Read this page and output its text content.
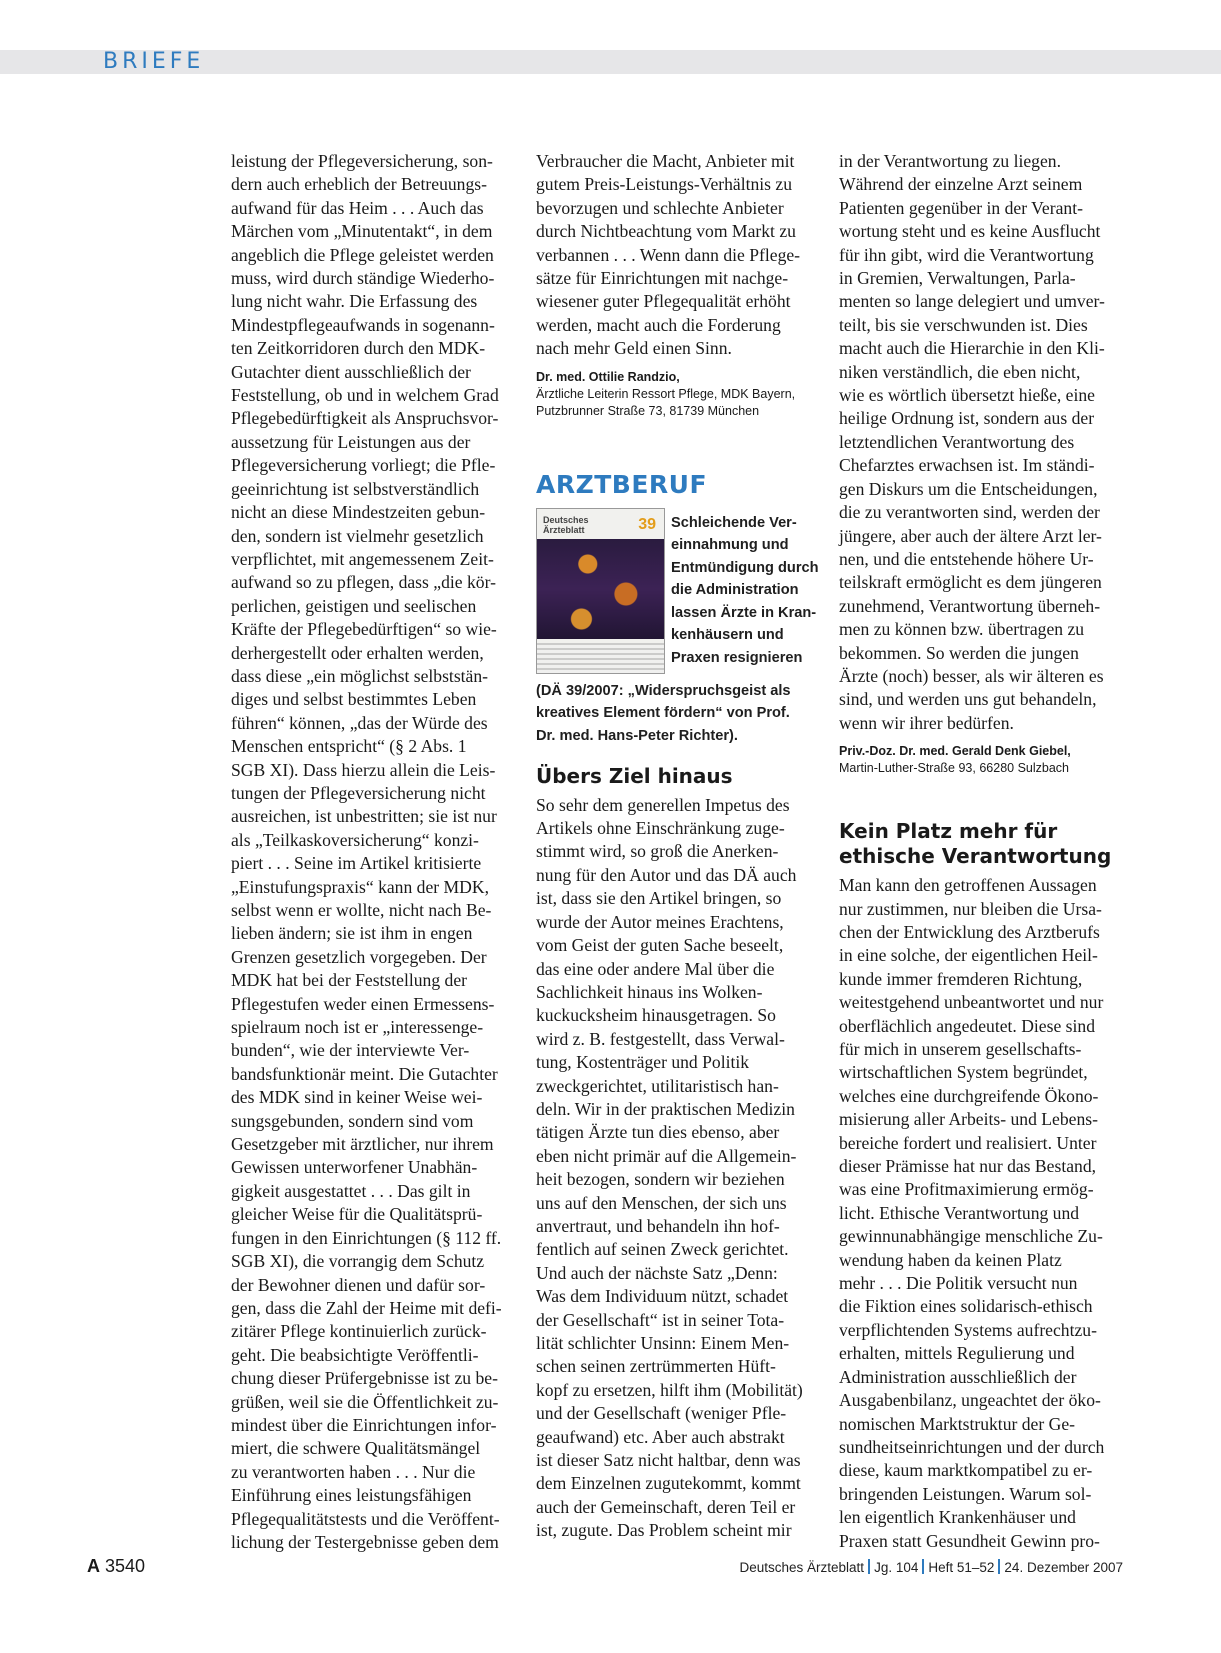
BRIEFE

leistung der Pflegeversicherung, son-
dern auch erheblich der Betreuungs-
aufwand für das Heim . . . Auch das
Märchen vom „Minutentakt“, in dem
angeblich die Pflege geleistet werden
muss, wird durch ständige Wiederho-
lung nicht wahr. Die Erfassung des
Mindestpflegeaufwands in sogenann-
ten Zeitkorridoren durch den MDK-
Gutachter dient ausschließlich der
Feststellung, ob und in welchem Grad
Pflegebedürftigkeit als Anspruchsvor-
aussetzung für Leistungen aus der
Pflegeversicherung vorliegt; die Pfle-
geeinrichtung ist selbstverständlich
nicht an diese Mindestzeiten gebun-
den, sondern ist vielmehr gesetzlich
verpflichtet, mit angemessenem Zeit-
aufwand so zu pflegen, dass „die kör-
perlichen, geistigen und seelischen
Kräfte der Pflegebedürftigen“ so wie-
derhergestellt oder erhalten werden,
dass diese „ein möglichst selbststän-
diges und selbst bestimmtes Leben
führen“ können, „das der Würde des
Menschen entspricht“ (§ 2 Abs. 1
SGB XI). Dass hierzu allein die Leis-
tungen der Pflegeversicherung nicht
ausreichen, ist unbestritten; sie ist nur
als „Teilkaskoversicherung“ konzi-
piert . . . Seine im Artikel kritisierte
„Einstufungspraxis“ kann der MDK,
selbst wenn er wollte, nicht nach Be-
lieben ändern; sie ist ihm in engen
Grenzen gesetzlich vorgegeben. Der
MDK hat bei der Feststellung der
Pflegestufen weder einen Ermessens-
spielraum noch ist er „interessenge-
bunden“, wie der interviewte Ver-
bandsfunktionär meint. Die Gutachter
des MDK sind in keiner Weise wei-
sungsgebunden, sondern sind vom
Gesetzgeber mit ärztlicher, nur ihrem
Gewissen unterworfener Unabhän-
gigkeit ausgestattet . . . Das gilt in
gleicher Weise für die Qualitätsprü-
fungen in den Einrichtungen (§ 112 ff.
SGB XI), die vorrangig dem Schutz
der Bewohner dienen und dafür sor-
gen, dass die Zahl der Heime mit defi-
zitärer Pflege kontinuierlich zurück-
geht. Die beabsichtigte Veröffentli-
chung dieser Prüfergebnisse ist zu be-
grüßen, weil sie die Öffentlichkeit zu-
mindest über die Einrichtungen infor-
miert, die schwere Qualitätsmängel
zu verantworten haben . . . Nur die
Einführung eines leistungsfähigen
Pflegequalitätstests und die Veröffent-
lichung der Testergebnisse geben dem

Verbraucher die Macht, Anbieter mit
gutem Preis-Leistungs-Verhältnis zu
bevorzugen und schlechte Anbieter
durch Nichtbeachtung vom Markt zu
verbannen . . . Wenn dann die Pflege-
sätze für Einrichtungen mit nachge-
wiesener guter Pflegequalität erhöht
werden, macht auch die Forderung
nach mehr Geld einen Sinn.

Dr. med. Ottilie Randzio,
Ärztliche Leiterin Ressort Pflege, MDK Bayern,
Putzbrunner Straße 73, 81739 München
ARZTBERUF
Deutsches Ärzteblatt	39 Schleichende Ver-
einnahmung und
Entmündigung durch
die Administration
lassen Ärzte in Kran-
kenhäusern und
Praxen resignieren
(DÄ 39/2007: „Widerspruchsgeist als
kreatives Element fördern“ von Prof.
Dr. med. Hans-Peter Richter).
Übers Ziel hinaus

So sehr dem generellen Impetus des
Artikels ohne Einschränkung zuge-
stimmt wird, so groß die Anerken-
nung für den Autor und das DÄ auch
ist, dass sie den Artikel bringen, so
wurde der Autor meines Erachtens,
vom Geist der guten Sache beseelt,
das eine oder andere Mal über die
Sachlichkeit hinaus ins Wolken-
kuckucksheim hinausgetragen. So
wird z. B. festgestellt, dass Verwal-
tung, Kostenträger und Politik
zweckgerichtet, utilitaristisch han-
deln. Wir in der praktischen Medizin
tätigen Ärzte tun dies ebenso, aber
eben nicht primär auf die Allgemein-
heit bezogen, sondern wir beziehen
uns auf den Menschen, der sich uns
anvertraut, und behandeln ihn hof-
fentlich auf seinen Zweck gerichtet.
Und auch der nächste Satz „Denn:
Was dem Individuum nützt, schadet
der Gesellschaft“ ist in seiner Tota-
lität schlichter Unsinn: Einem Men-
schen seinen zertrümmerten Hüft-
kopf zu ersetzen, hilft ihm (Mobilität)
und der Gesellschaft (weniger Pfle-
geaufwand) etc. Aber auch abstrakt
ist dieser Satz nicht haltbar, denn was
dem Einzelnen zugutekommt, kommt
auch der Gemeinschaft, deren Teil er
ist, zugute. Das Problem scheint mir

in der Verantwortung zu liegen.
Während der einzelne Arzt seinem
Patienten gegenüber in der Verant-
wortung steht und es keine Ausflucht
für ihn gibt, wird die Verantwortung
in Gremien, Verwaltungen, Parla-
menten so lange delegiert und umver-
teilt, bis sie verschwunden ist. Dies
macht auch die Hierarchie in den Kli-
niken verständlich, die eben nicht,
wie es wörtlich übersetzt hieße, eine
heilige Ordnung ist, sondern aus der
letztendlichen Verantwortung des
Chefarztes erwachsen ist. Im ständi-
gen Diskurs um die Entscheidungen,
die zu verantworten sind, werden der
jüngere, aber auch der ältere Arzt ler-
nen, und die entstehende höhere Ur-
teilskraft ermöglicht es dem jüngeren
zunehmend, Verantwortung überneh-
men zu können bzw. übertragen zu
bekommen. So werden die jungen
Ärzte (noch) besser, als wir älteren es
sind, und werden uns gut behandeln,
wenn wir ihrer bedürfen.

Priv.-Doz. Dr. med. Gerald Denk Giebel,
Martin-Luther-Straße 93, 66280 Sulzbach
Kein Platz mehr für
ethische Verantwortung

Man kann den getroffenen Aussagen
nur zustimmen, nur bleiben die Ursa-
chen der Entwicklung des Arztberufs
in eine solche, der eigentlichen Heil-
kunde immer fremderen Richtung,
weitestgehend unbeantwortet und nur
oberflächlich angedeutet. Diese sind
für mich in unserem gesellschafts-
wirtschaftlichen System begründet,
welches eine durchgreifende Ökono-
misierung aller Arbeits- und Lebens-
bereiche fordert und realisiert. Unter
dieser Prämisse hat nur das Bestand,
was eine Profitmaximierung ermög-
licht. Ethische Verantwortung und
gewinnunabhängige menschliche Zu-
wendung haben da keinen Platz
mehr . . . Die Politik versucht nun
die Fiktion eines solidarisch-ethisch
verpflichtenden Systems aufrechtzu-
erhalten, mittels Regulierung und
Administration ausschließlich der
Ausgabenbilanz, ungeachtet der öko-
nomischen Marktstruktur der Ge-
sundheitseinrichtungen und der durch
diese, kaum marktkompatibel zu er-
bringenden Leistungen. Warum sol-
len eigentlich Krankenhäuser und
Praxen statt Gesundheit Gewinn pro-

A 3540	Deutsches Ärzteblatt Jg. 104 Heft 51–52 24. Dezember 2007
